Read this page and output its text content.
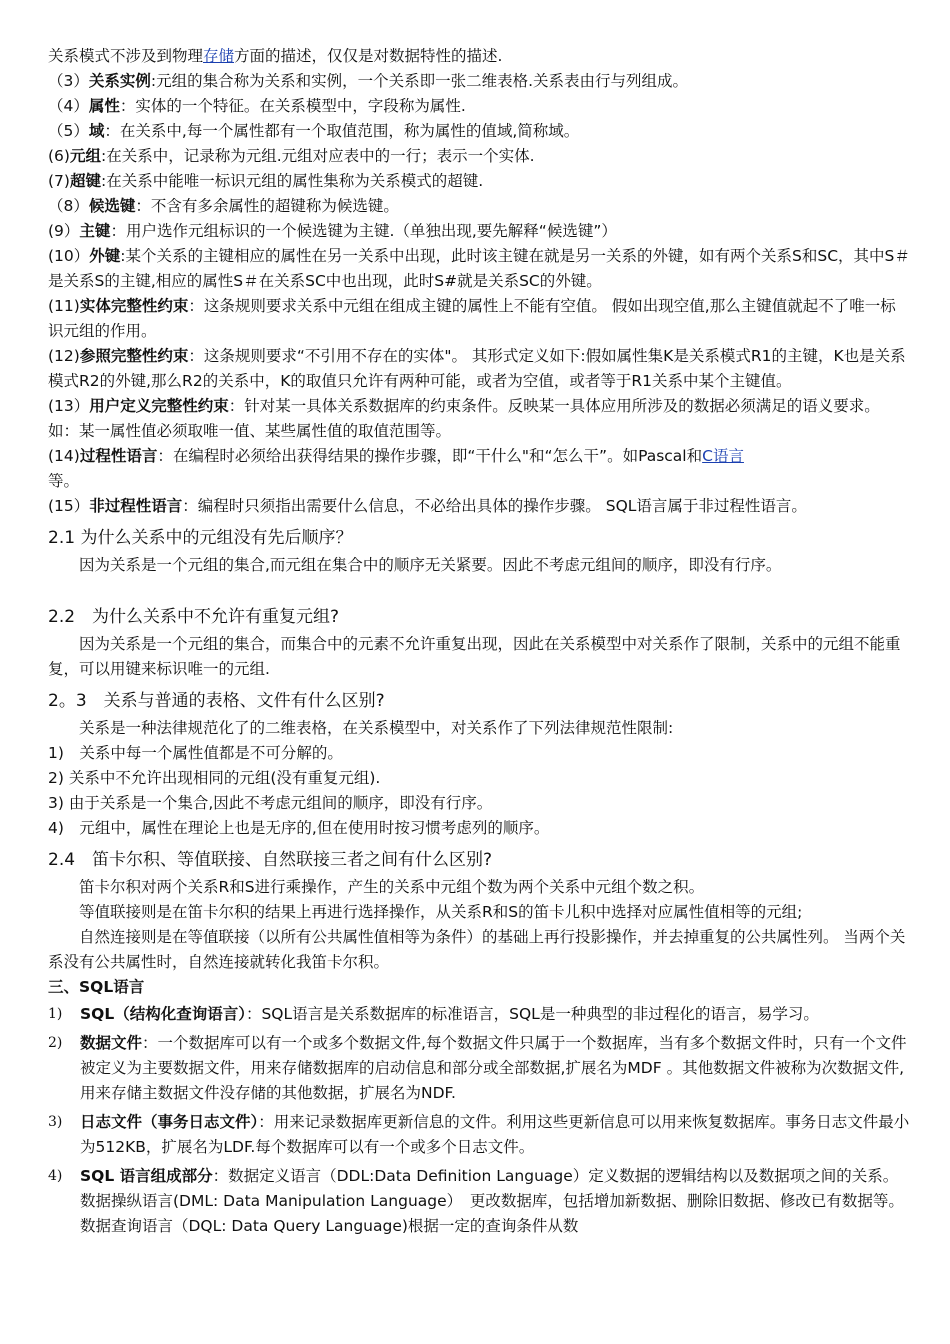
关系模式不涉及到物理存储方面的描述，仅仅是对数据特性的描述.

（3）关系实例:元组的集合称为关系和实例，一个关系即一张二维表格.关系表由行与列组成。

（4）属性：实体的一个特征。在关系模型中，字段称为属性.

（5）域：在关系中,每一个属性都有一个取值范围，称为属性的值域,简称域。

(6)元组:在关系中，记录称为元组.元组对应表中的一行；表示一个实体.

(7)超键:在关系中能唯一标识元组的属性集称为关系模式的超键.

（8）候选键：不含有多余属性的超键称为候选键。

(9）主键：用户选作元组标识的一个候选键为主键.（单独出现,要先解释“候选键”）

(10）外键:某个关系的主键相应的属性在另一关系中出现，此时该主键在就是另一关系的外键，如有两个关系S和SC，其中S＃是关系S的主键,相应的属性S＃在关系SC中也出现，此时S#就是关系SC的外键。

(11)实体完整性约束：这条规则要求关系中元组在组成主键的属性上不能有空值。 假如出现空值,那么主键值就起不了唯一标识元组的作用。

(12)参照完整性约束：这条规则要求“不引用不存在的实体"。 其形式定义如下:假如属性集K是关系模式R1的主键，K也是关系模式R2的外键,那么R2的关系中，K的取值只允许有两种可能，或者为空值，或者等于R1关系中某个主键值。

(13）用户定义完整性约束：针对某一具体关系数据库的约束条件。反映某一具体应用所涉及的数据必须满足的语义要求。如：某一属性值必须取唯一值、某些属性值的取值范围等。

(14)过程性语言：在编程时必须给出获得结果的操作步骤，即“干什么"和“怎么干”。如Pascal和C语言
等。

(15）非过程性语言：编程时只须指出需要什么信息，不必给出具体的操作步骤。 SQL语言属于非过程性语言。

2.1 为什么关系中的元组没有先后顺序？

因为关系是一个元组的集合,而元组在集合中的顺序无关紧要。因此不考虑元组间的顺序，即没有行序。

2.2　为什么关系中不允许有重复元组?

因为关系是一个元组的集合，而集合中的元素不允许重复出现，因此在关系模型中对关系作了限制，关系中的元组不能重复，可以用键来标识唯一的元组.

2。3　关系与普通的表格、文件有什么区别?

关系是一种法律规范化了的二维表格，在关系模型中，对关系作了下列法律规范性限制:

1)　关系中每一个属性值都是不可分解的。

2) 关系中不允许出现相同的元组(没有重复元组).

3) 由于关系是一个集合,因此不考虑元组间的顺序，即没有行序。

4)　元组中，属性在理论上也是无序的,但在使用时按习惯考虑列的顺序。

2.4　笛卡尔积、等值联接、自然联接三者之间有什么区别?

笛卡尔积对两个关系R和S进行乘操作，产生的关系中元组个数为两个关系中元组个数之积。

等值联接则是在笛卡尔积的结果上再进行选择操作，从关系R和S的笛卡儿积中选择对应属性值相等的元组;

自然连接则是在等值联接（以所有公共属性值相等为条件）的基础上再行投影操作，并去掉重复的公共属性列。 当两个关系没有公共属性时，自然连接就转化我笛卡尔积。

三、SQL语言

1)	SQL（结构化查询语言）：SQL语言是关系数据库的标准语言，SQL是一种典型的非过程化的语言，易学习。
2)	数据文件：一个数据库可以有一个或多个数据文件,每个数据文件只属于一个数据库，当有多个数据文件时，只有一个文件被定义为主要数据文件，用来存储数据库的启动信息和部分或全部数据,扩展名为MDF 。其他数据文件被称为次数据文件,用来存储主数据文件没存储的其他数据，扩展名为NDF.
3)	日志文件（事务日志文件）：用来记录数据库更新信息的文件。利用这些更新信息可以用来恢复数据库。事务日志文件最小为512KB，扩展名为LDF.每个数据库可以有一个或多个日志文件。
4)	SQL 语言组成部分：数据定义语言（DDL:Data Definition Language）定义数据的逻辑结构以及数据项之间的关系。 数据操纵语言(DML: Data Manipulation Language）　更改数据库，包括增加新数据、删除旧数据、修改已有数据等。 数据查询语言（DQL: Data Query Language)根据一定的查询条件从数
